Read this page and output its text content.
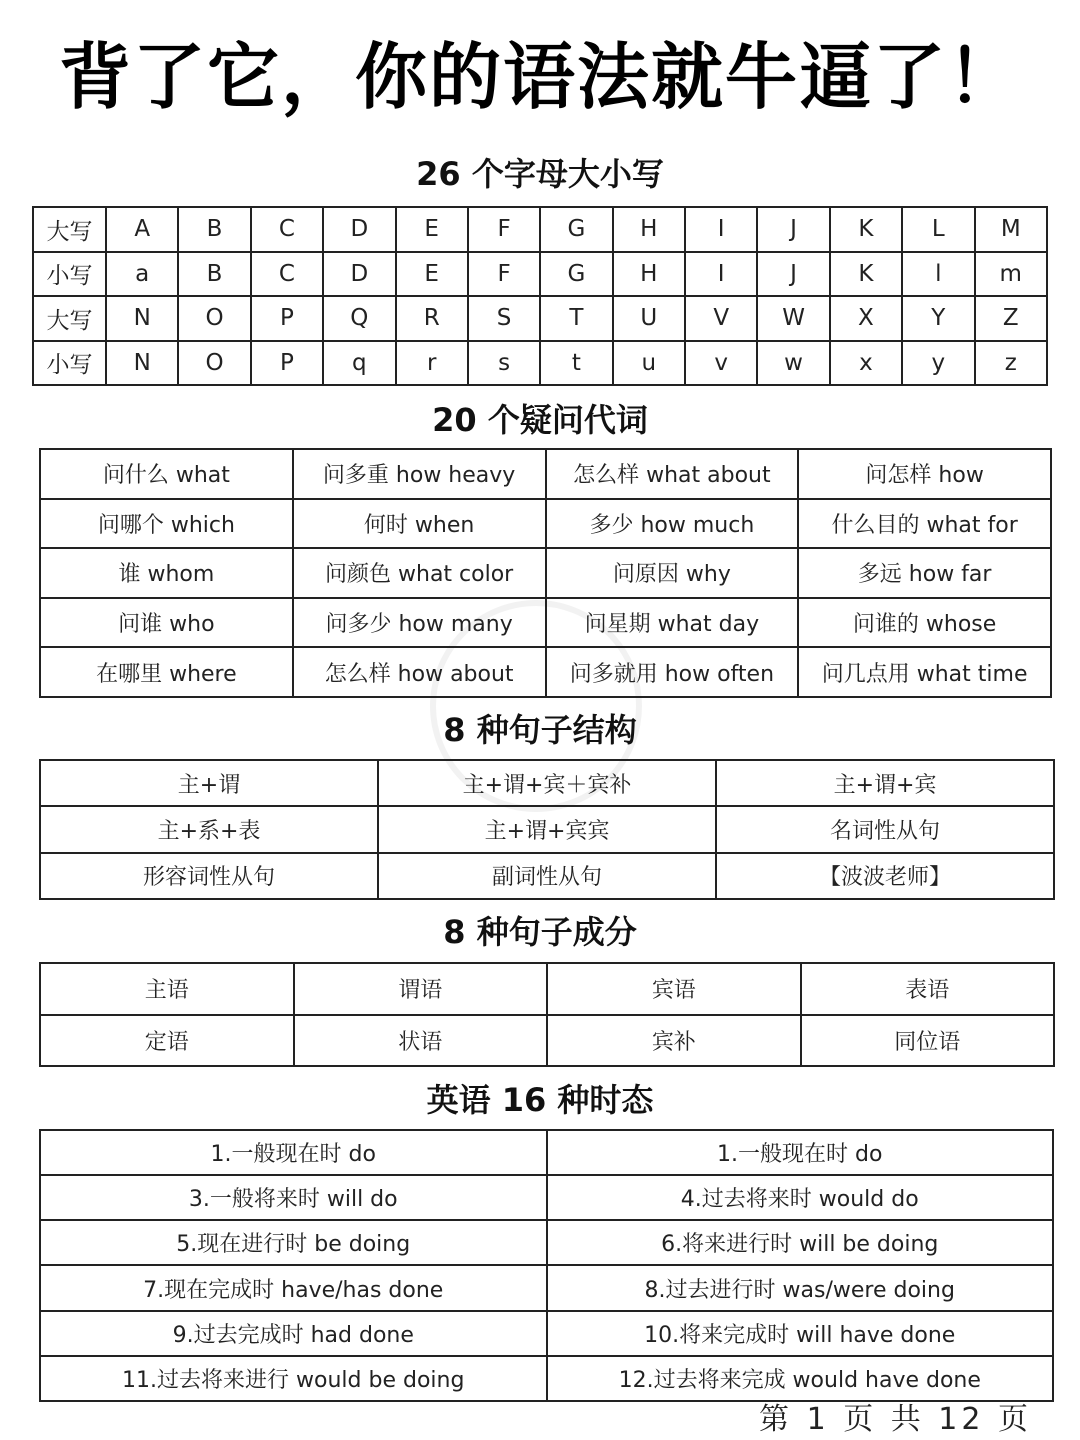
背了它，你的语法就牛逼了！
26 个字母大小写
大写	A	B	C	D	E	F	G	H	I	J	K	L	M
小写	a	B	C	D	E	F	G	H	I	J	K	l	m
大写	N	O	P	Q	R	S	T	U	V	W	X	Y	Z
小写	N	O	P	q	r	s	t	u	v	w	x	y	z
20 个疑问代词
问什么 what	问多重 how heavy	怎么样 what about	问怎样 how
问哪个 which	何时 when	多少 how much	什么目的 what for
谁 whom	问颜色 what color	问原因 why	多远 how far
问谁 who	问多少 how many	问星期 what day	问谁的 whose
在哪里 where	怎么样 how about	问多就用 how often	问几点用 what time
8 种句子结构
主+谓	主+谓+宾＋宾补	主+谓+宾
主+系+表	主+谓+宾宾	名词性从句
形容词性从句	副词性从句	【波波老师】
8 种句子成分
主语	谓语	宾语	表语
定语	状语	宾补	同位语
英语 16 种时态
1.一般现在时 do	1.一般现在时 do
3.一般将来时 will do	4.过去将来时 would do
5.现在进行时 be doing	6.将来进行时 will be doing
7.现在完成时 have/has done	8.过去进行时 was/were doing
9.过去完成时 had done	10.将来完成时 will have done
11.过去将来进行 would be doing	12.过去将来完成 would have done
第 1 页 共 12 页
